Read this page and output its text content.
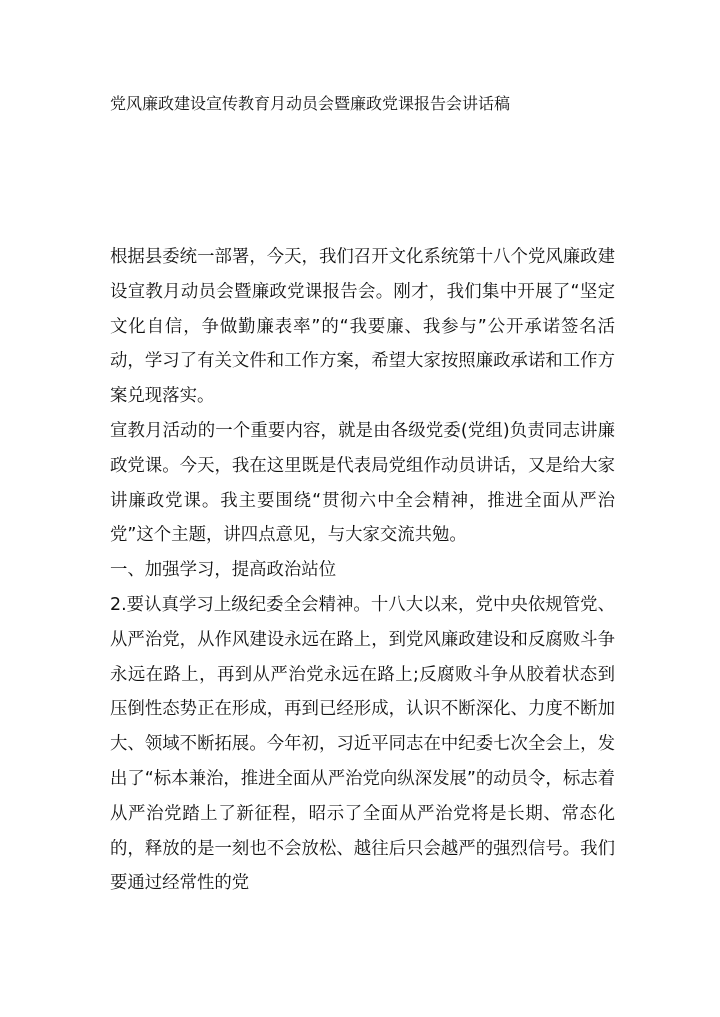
党风廉政建设宣传教育月动员会暨廉政党课报告会讲话稿

根据县委统一部署，今天，我们召开文化系统第十八个党风廉政建设宣教月动员会暨廉政党课报告会。刚才，我们集中开展了“坚定文化自信，争做勤廉表率”的“我要廉、我参与”公开承诺签名活动，学习了有关文件和工作方案，希望大家按照廉政承诺和工作方案兑现落实。

宣教月活动的一个重要内容，就是由各级党委(党组)负责同志讲廉政党课。今天，我在这里既是代表局党组作动员讲话，又是给大家讲廉政党课。我主要围绕“贯彻六中全会精神，推进全面从严治党”这个主题，讲四点意见，与大家交流共勉。

一、加强学习，提高政治站位

2.要认真学习上级纪委全会精神。十八大以来，党中央依规管党、从严治党，从作风建设永远在路上，到党风廉政建设和反腐败斗争永远在路上，再到从严治党永远在路上;反腐败斗争从胶着状态到压倒性态势正在形成，再到已经形成，认识不断深化、力度不断加大、领域不断拓展。今年初，习近平同志在中纪委七次全会上，发出了“标本兼治，推进全面从严治党向纵深发展”的动员令，标志着从严治党踏上了新征程，昭示了全面从严治党将是长期、常态化的，释放的是一刻也不会放松、越往后只会越严的强烈信号。我们要通过经常性的党
